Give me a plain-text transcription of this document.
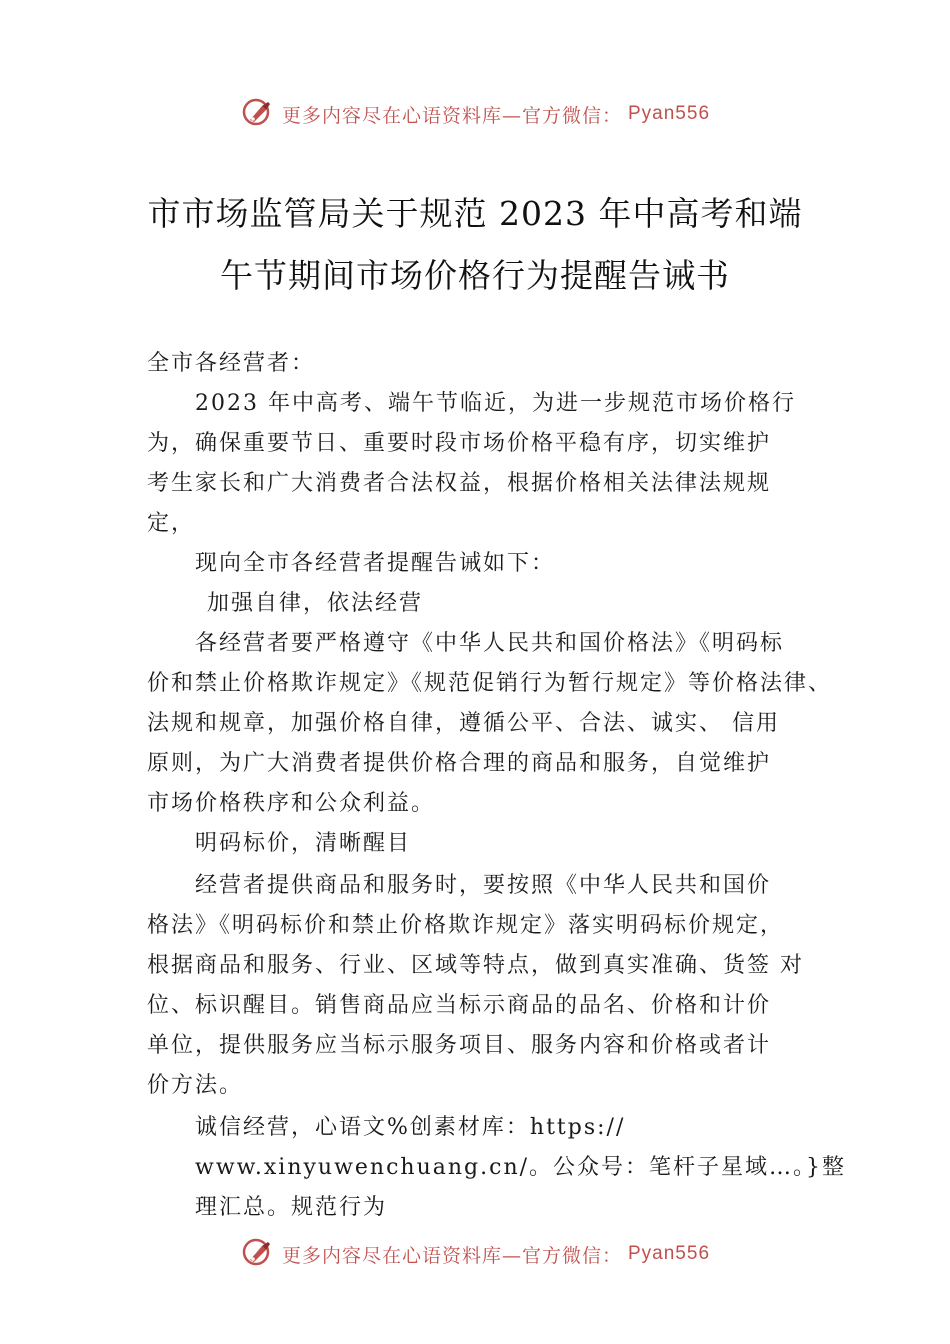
更多内容尽在心语资料库—官方微信： Pyan556
市市场监管局关于规范 2023 年中高考和端
午节期间市场价格行为提醒告诫书
全市各经营者：
2023 年中高考、端午节临近，为进一步规范市场价格行
为，确保重要节日、重要时段市场价格平稳有序，切实维护
考生家长和广大消费者合法权益，根据价格相关法律法规规
定，
现向全市各经营者提醒告诫如下：
加强自律，依法经营
各经营者要严格遵守《中华人民共和国价格法》《明码标
价和禁止价格欺诈规定》《规范促销行为暂行规定》等价格法律、
法规和规章，加强价格自律，遵循公平、合法、诚实、 信用
原则，为广大消费者提供价格合理的商品和服务，自觉维护
市场价格秩序和公众利益。
明码标价，清晰醒目
经营者提供商品和服务时，要按照《中华人民共和国价
格法》《明码标价和禁止价格欺诈规定》落实明码标价规定，
根据商品和服务、行业、区域等特点，做到真实准确、货签 对
位、标识醒目。销售商品应当标示商品的品名、价格和计价
单位，提供服务应当标示服务项目、服务内容和价格或者计
价方法。
诚信经营，心语文%创素材库：https://
www.xinyuwenchuang.cn/。公众号：笔杆子星域…。}整
理汇总。规范行为
更多内容尽在心语资料库—官方微信： Pyan556
